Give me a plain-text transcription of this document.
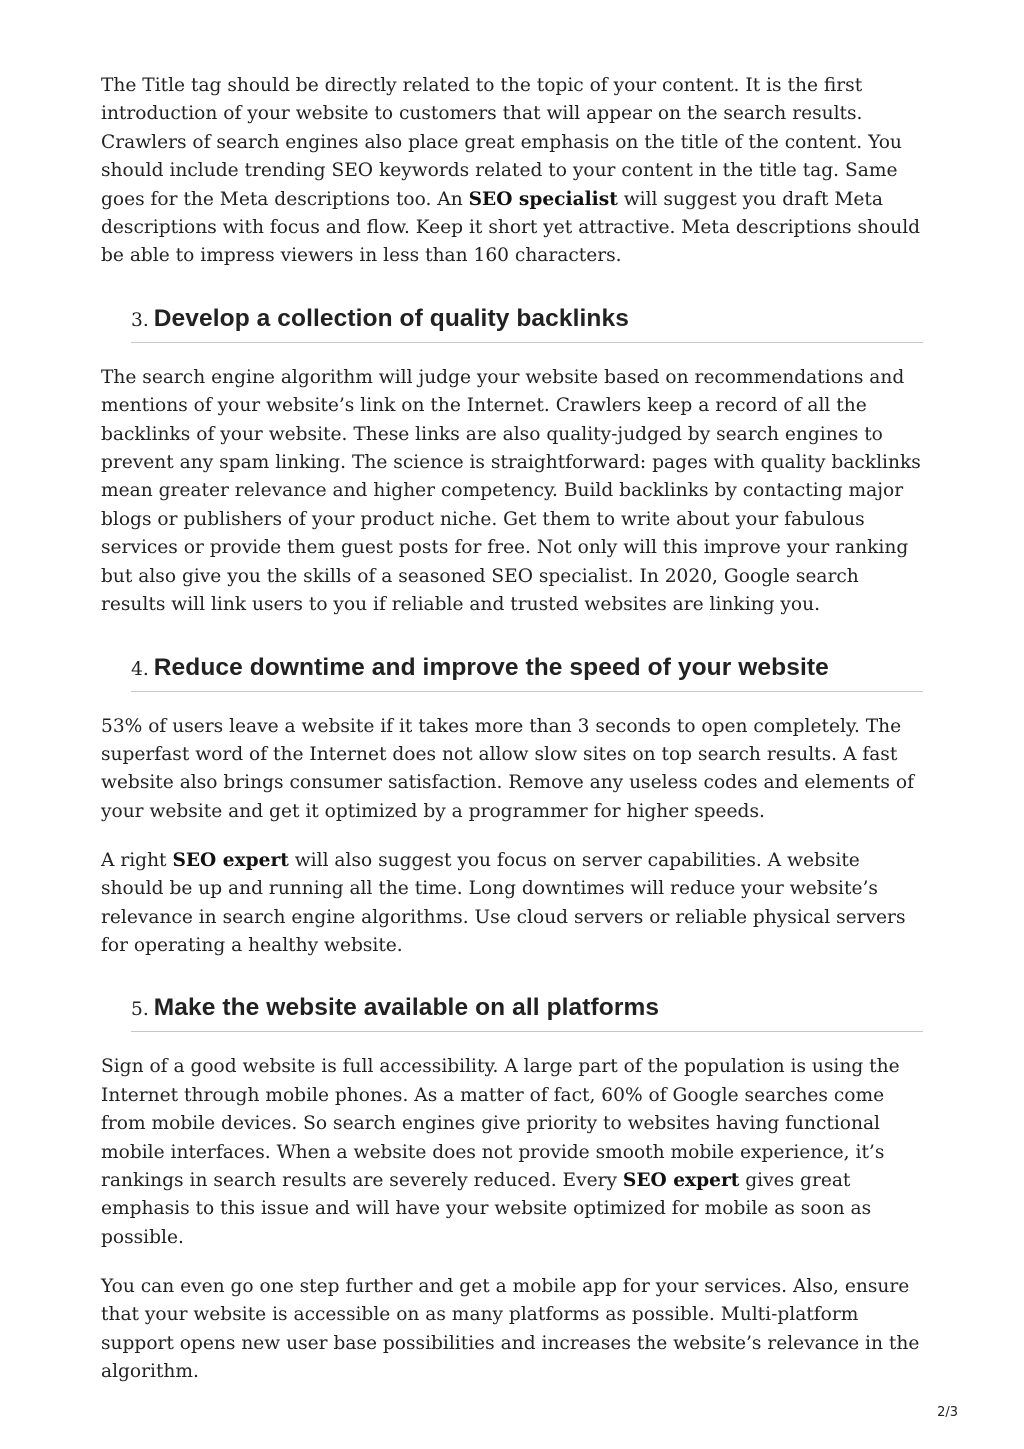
The Title tag should be directly related to the topic of your content. It is the first introduction of your website to customers that will appear on the search results. Crawlers of search engines also place great emphasis on the title of the content. You should include trending SEO keywords related to your content in the title tag. Same goes for the Meta descriptions too. An SEO specialist will suggest you draft Meta descriptions with focus and flow. Keep it short yet attractive. Meta descriptions should be able to impress viewers in less than 160 characters.

3. Develop a collection of quality backlinks

The search engine algorithm will judge your website based on recommendations and mentions of your website’s link on the Internet. Crawlers keep a record of all the backlinks of your website. These links are also quality-judged by search engines to prevent any spam linking. The science is straightforward: pages with quality backlinks mean greater relevance and higher competency. Build backlinks by contacting major blogs or publishers of your product niche. Get them to write about your fabulous services or provide them guest posts for free. Not only will this improve your ranking but also give you the skills of a seasoned SEO specialist. In 2020, Google search results will link users to you if reliable and trusted websites are linking you.

4. Reduce downtime and improve the speed of your website

53% of users leave a website if it takes more than 3 seconds to open completely. The superfast word of the Internet does not allow slow sites on top search results. A fast website also brings consumer satisfaction. Remove any useless codes and elements of your website and get it optimized by a programmer for higher speeds.

A right SEO expert will also suggest you focus on server capabilities. A website should be up and running all the time. Long downtimes will reduce your website’s relevance in search engine algorithms. Use cloud servers or reliable physical servers for operating a healthy website.

5. Make the website available on all platforms

Sign of a good website is full accessibility. A large part of the population is using the Internet through mobile phones. As a matter of fact, 60% of Google searches come from mobile devices. So search engines give priority to websites having functional mobile interfaces. When a website does not provide smooth mobile experience, it’s rankings in search results are severely reduced. Every SEO expert gives great emphasis to this issue and will have your website optimized for mobile as soon as possible.

You can even go one step further and get a mobile app for your services. Also, ensure that your website is accessible on as many platforms as possible. Multi-platform support opens new user base possibilities and increases the website’s relevance in the algorithm.

2/3
